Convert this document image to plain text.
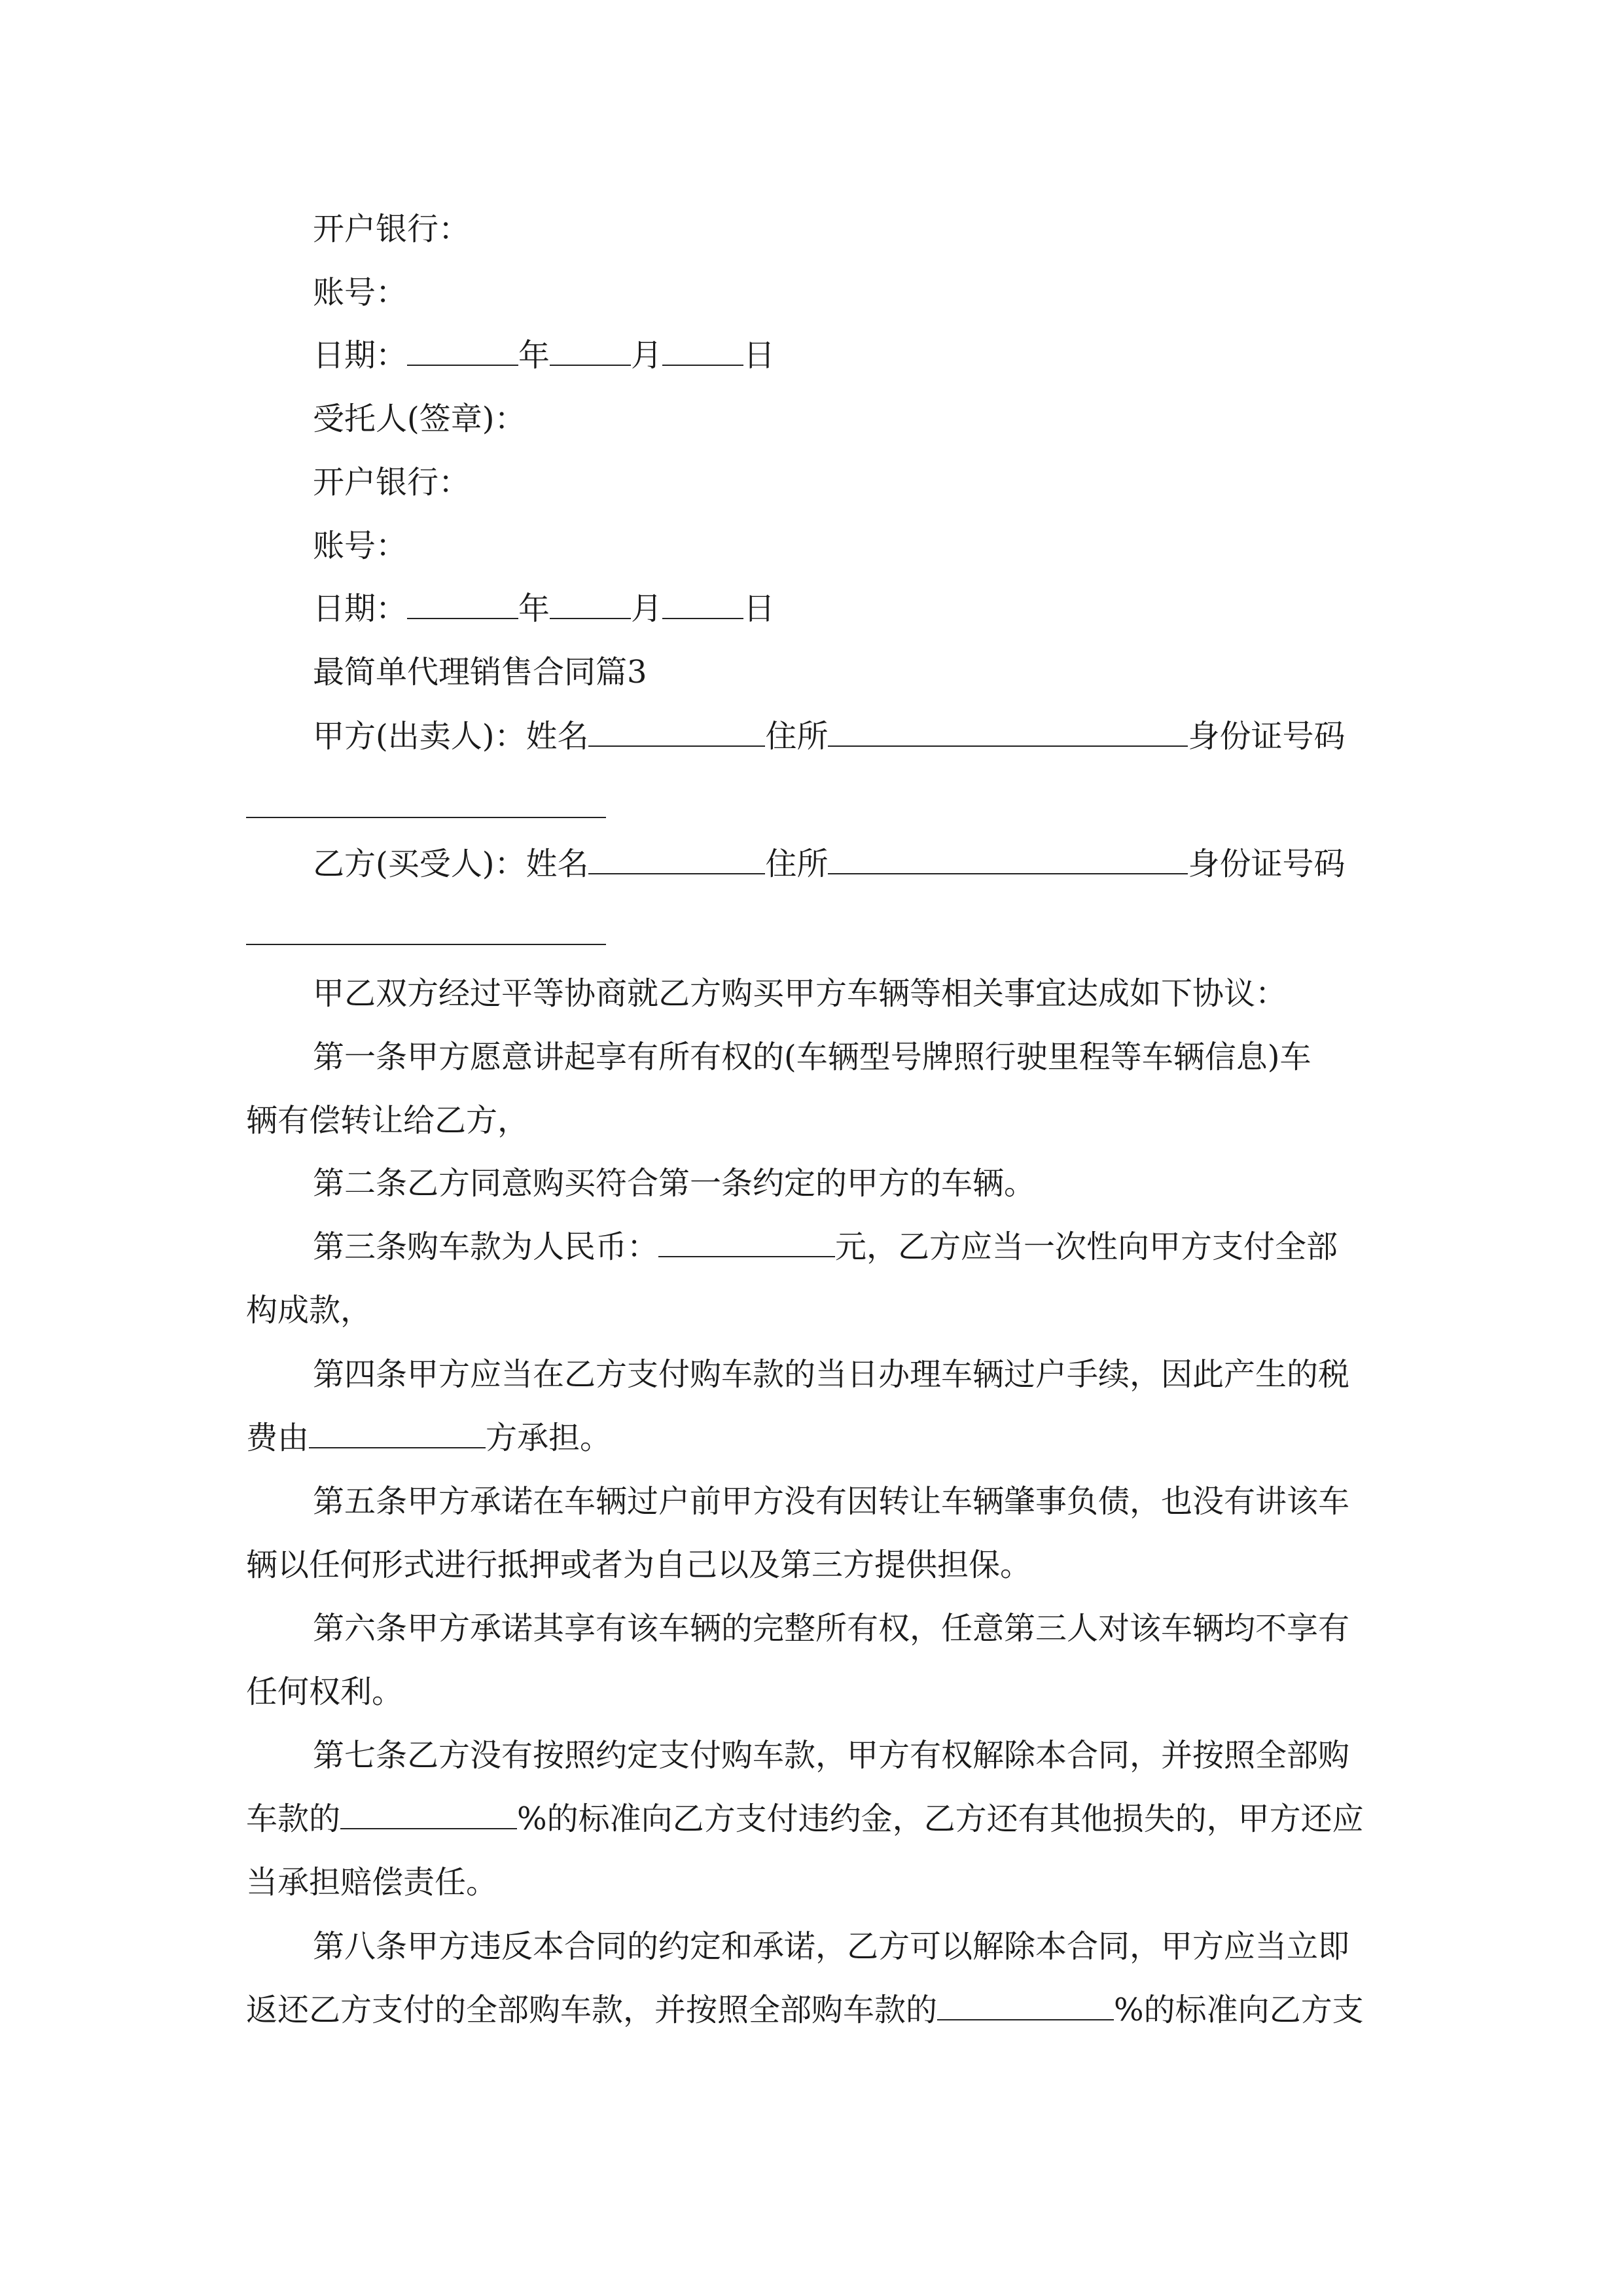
开户银行：
账号：
日期：	年	月	日
受托人(签章)：
开户银行：
账号：
日期：	年	月	日
最简单代理销售合同篇3
甲方(出卖人)：姓名	住所	身份证号码
乙方(买受人)：姓名	住所	身份证号码
甲乙双方经过平等协商就乙方购买甲方车辆等相关事宜达成如下协议：
第一条甲方愿意讲起享有所有权的(车辆型号牌照行驶里程等车辆信息)车
辆有偿转让给乙方，
第二条乙方同意购买符合第一条约定的甲方的车辆。
第三条购车款为人民币：	元，乙方应当一次性向甲方支付全部
构成款，
第四条甲方应当在乙方支付购车款的当日办理车辆过户手续，因此产生的税
费由	方承担。
第五条甲方承诺在车辆过户前甲方没有因转让车辆肇事负债，也没有讲该车
辆以任何形式进行抵押或者为自己以及第三方提供担保。
第六条甲方承诺其享有该车辆的完整所有权，任意第三人对该车辆均不享有
任何权利。
第七条乙方没有按照约定支付购车款，甲方有权解除本合同，并按照全部购
车款的	%的标准向乙方支付违约金，乙方还有其他损失的，甲方还应
当承担赔偿责任。
第八条甲方违反本合同的约定和承诺，乙方可以解除本合同，甲方应当立即
返还乙方支付的全部购车款，并按照全部购车款的	%的标准向乙方支
